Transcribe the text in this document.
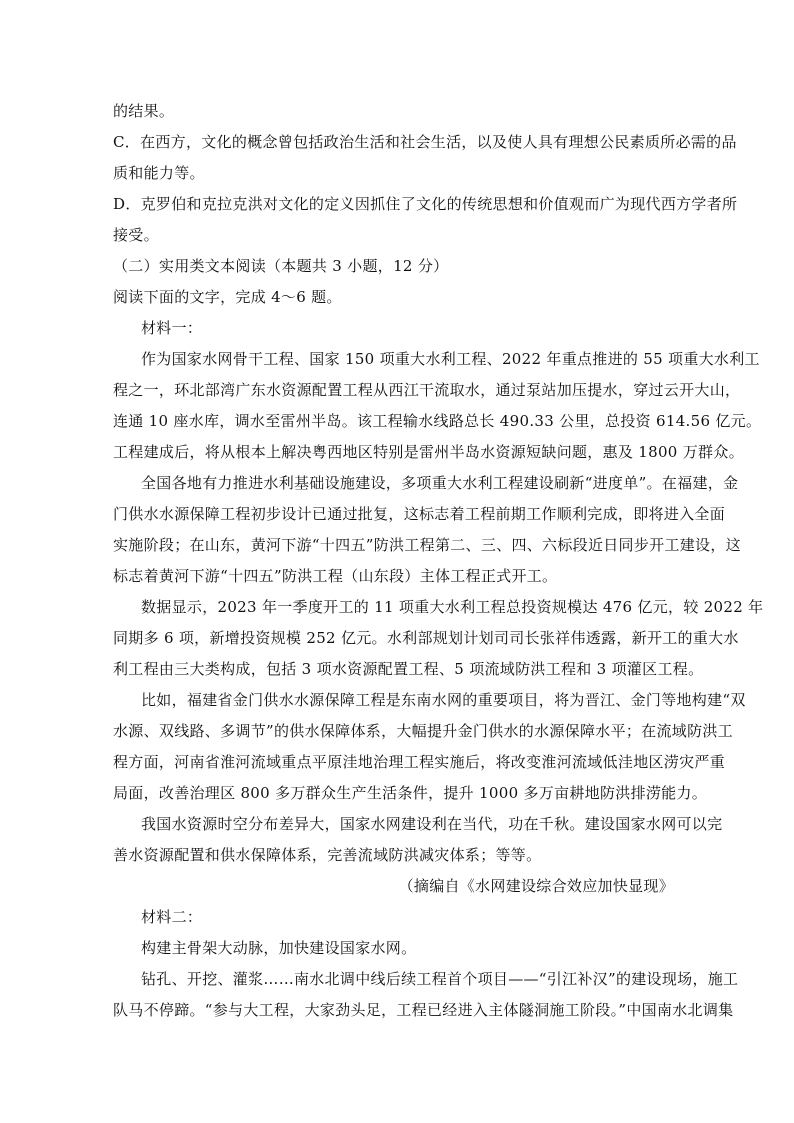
的结果。
C．在西方，文化的概念曾包括政治生活和社会生活，以及使人具有理想公民素质所必需的品
质和能力等。
D．克罗伯和克拉克洪对文化的定义因抓住了文化的传统思想和价值观而广为现代西方学者所
接受。
（二）实用类文本阅读（本题共 3 小题，12 分）
阅读下面的文字，完成 4～6 题。
材料一：
作为国家水网骨干工程、国家 150 项重大水利工程、2022 年重点推进的 55 项重大水利工
程之一，环北部湾广东水资源配置工程从西江干流取水，通过泵站加压提水，穿过云开大山，
连通 10 座水库，调水至雷州半岛。该工程输水线路总长 490.33 公里，总投资 614.56 亿元。
工程建成后，将从根本上解决粤西地区特别是雷州半岛水资源短缺问题，惠及 1800 万群众。
全国各地有力推进水利基础设施建设，多项重大水利工程建设刷新“进度单”。在福建，金
门供水水源保障工程初步设计已通过批复，这标志着工程前期工作顺利完成，即将进入全面
实施阶段；在山东，黄河下游“十四五”防洪工程第二、三、四、六标段近日同步开工建设，这
标志着黄河下游“十四五”防洪工程（山东段）主体工程正式开工。
数据显示，2023 年一季度开工的 11 项重大水利工程总投资规模达 476 亿元，较 2022 年
同期多 6 项，新增投资规模 252 亿元。水利部规划计划司司长张祥伟透露，新开工的重大水
利工程由三大类构成，包括 3 项水资源配置工程、5 项流域防洪工程和 3 项灌区工程。
比如，福建省金门供水水源保障工程是东南水网的重要项目，将为晋江、金门等地构建“双
水源、双线路、多调节”的供水保障体系，大幅提升金门供水的水源保障水平；在流域防洪工
程方面，河南省淮河流域重点平原洼地治理工程实施后，将改变淮河流域低洼地区涝灾严重
局面，改善治理区 800 多万群众生产生活条件，提升 1000 多万亩耕地防洪排涝能力。
我国水资源时空分布差异大，国家水网建设利在当代，功在千秋。建设国家水网可以完
善水资源配置和供水保障体系，完善流域防洪减灾体系；等等。
（摘编自《水网建设综合效应加快显现》
材料二：
构建主骨架大动脉，加快建设国家水网。
钻孔、开挖、灌浆……南水北调中线后续工程首个项目——“引江补汉”的建设现场，施工
队马不停蹄。“参与大工程，大家劲头足，工程已经进入主体隧洞施工阶段。”中国南水北调集
